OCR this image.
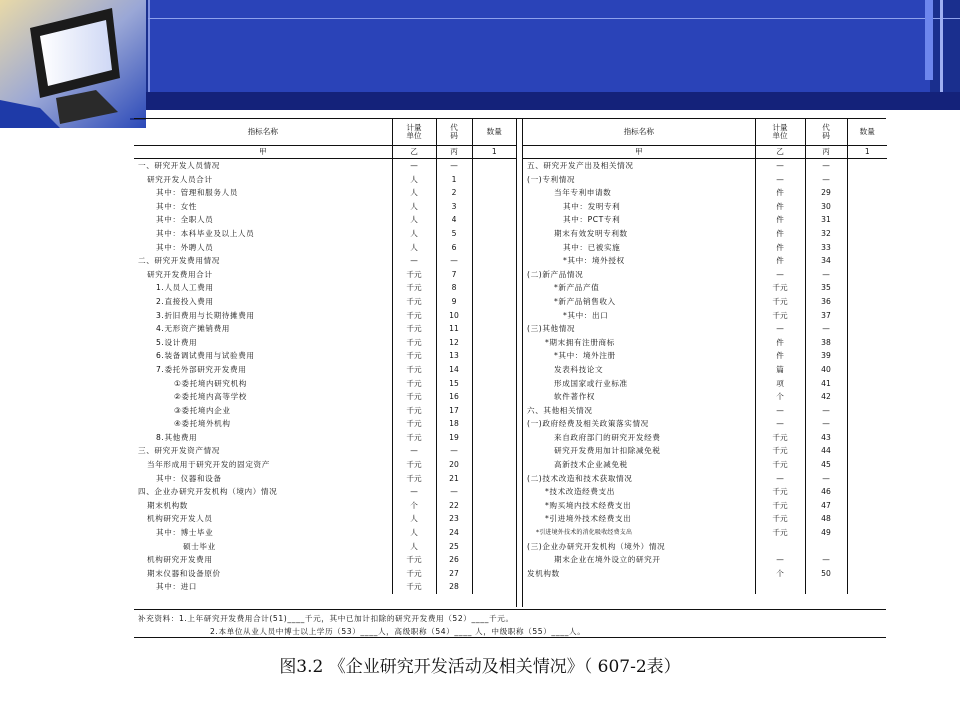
指标名称	计量单位	代码	数量
甲	乙	丙	1
一、研究开发人员情况	—	—	
研究开发人员合计	人	1	
其中：管理和服务人员	人	2	
其中：女性	人	3	
其中：全职人员	人	4	
其中：本科毕业及以上人员	人	5	
其中：外聘人员	人	6	
二、研究开发费用情况	—	—	
研究开发费用合计	千元	7	
1.人员人工费用	千元	8	
2.直接投入费用	千元	9	
3.折旧费用与长期待摊费用	千元	10	
4.无形资产摊销费用	千元	11	
5.设计费用	千元	12	
6.装备调试费用与试验费用	千元	13	
7.委托外部研究开发费用	千元	14	
①委托境内研究机构	千元	15	
②委托境内高等学校	千元	16	
③委托境内企业	千元	17	
④委托境外机构	千元	18	
8.其他费用	千元	19	
三、研究开发资产情况	—	—	
当年形成用于研究开发的固定资产	千元	20	
其中：仪器和设备	千元	21	
四、企业办研究开发机构（境内）情况	—	—	
期末机构数	个	22	
机构研究开发人员	人	23	
其中：博士毕业	人	24	
硕士毕业	人	25	
机构研究开发费用	千元	26	
期末仪器和设备原价	千元	27	
其中：进口	千元	28	
指标名称	计量单位	代码	数量
甲	乙	丙	1
五、研究开发产出及相关情况	—	—	
(一)专利情况	—	—	
当年专利申请数	件	29	
其中：发明专利	件	30	
其中：PCT专利	件	31	
期末有效发明专利数	件	32	
其中：已被实施	件	33	
*其中：境外授权	件	34	
(二)新产品情况	—	—	
*新产品产值	千元	35	
*新产品销售收入	千元	36	
*其中：出口	千元	37	
(三)其他情况	—	—	
*期末拥有注册商标	件	38	
*其中：境外注册	件	39	
发表科技论文	篇	40	
形成国家或行业标准	项	41	
软件著作权	个	42	
六、其他相关情况	—	—	
(一)政府经费及相关政策落实情况	—	—	
来自政府部门的研究开发经费	千元	43	
研究开发费用加计扣除减免税	千元	44	
高新技术企业减免税	千元	45	
(二)技术改造和技术获取情况	—	—	
*技术改造经费支出	千元	46	
*购买境内技术经费支出	千元	47	
*引进境外技术经费支出	千元	48	
*引进境外技术的消化吸收经费支出	千元	49	
(三)企业办研究开发机构（境外）情况			
期末企业在境外设立的研究开	—	—	
发机构数	个	50	

补充资料：1.上年研究开发费用合计(51)____千元，其中已加计扣除的研究开发费用（52）____千元。
2.本单位从业人员中博士以上学历（53）____人，高级职称（54）____ 人，中级职称（55）____人。
图3.2 《企业研究开发活动及相关情况》（ 607-2表）
